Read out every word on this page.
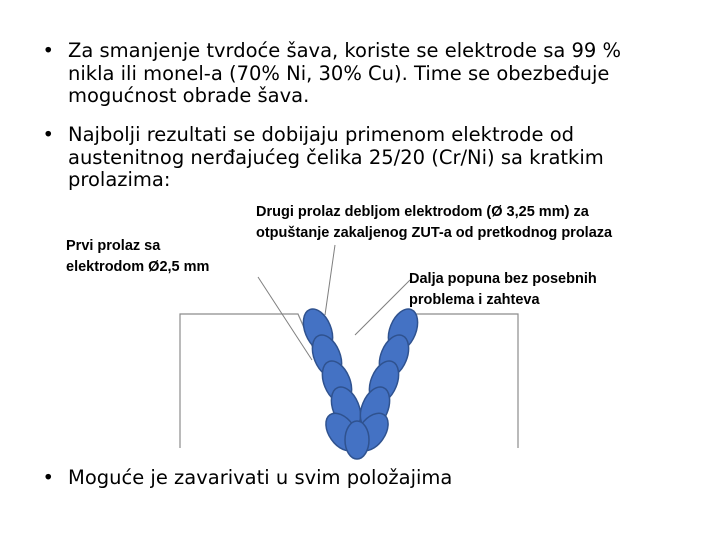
• Za smanjenje tvrdoće šava, koriste se elektrode sa 99 %
nikla ili monel-a (70% Ni, 30% Cu). Time se obezbeđuje
mogućnost obrade šava.
• Najbolji rezultati se dobijaju primenom elektrode od
austenitnog nerđajućeg čelika 25/20 (Cr/Ni) sa kratkim
prolazima:
• Moguće je zavarivati u svim položajima
Prvi prolaz sa
elektrodom Ø2,5 mm
Drugi prolaz debljom elektrodom (Ø 3,25 mm) za
otpuštanje zakaljenog ZUT-a od pretkodnog prolaza
Dalja popuna bez posebnih
problema i zahteva
